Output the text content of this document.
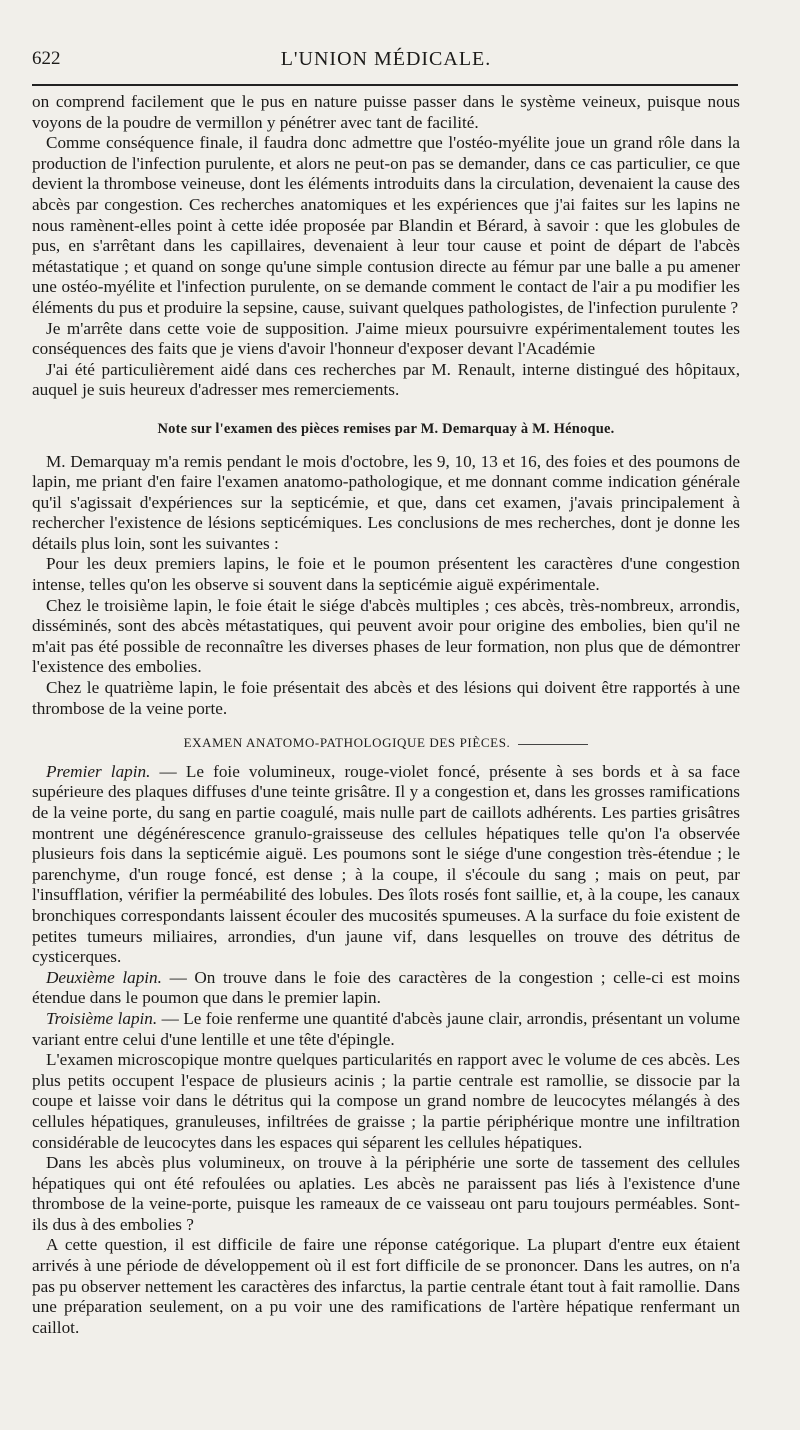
622	L'UNION MÉDICALE.

on comprend facilement que le pus en nature puisse passer dans le système veineux, puisque nous voyons de la poudre de vermillon y pénétrer avec tant de facilité.

Comme conséquence finale, il faudra donc admettre que l'ostéo-myélite joue un grand rôle dans la production de l'infection purulente, et alors ne peut-on pas se demander, dans ce cas particulier, ce que devient la thrombose veineuse, dont les éléments introduits dans la circulation, devenaient la cause des abcès par congestion. Ces recherches anatomiques et les expériences que j'ai faites sur les lapins ne nous ramènent-elles point à cette idée proposée par Blandin et Bérard, à savoir : que les globules de pus, en s'arrêtant dans les capillaires, devenaient à leur tour cause et point de départ de l'abcès métastatique ; et quand on songe qu'une simple contusion directe au fémur par une balle a pu amener une ostéo-myélite et l'infection purulente, on se demande comment le contact de l'air a pu modifier les éléments du pus et produire la sepsine, cause, suivant quelques pathologistes, de l'infection purulente ?

Je m'arrête dans cette voie de supposition. J'aime mieux poursuivre expérimentalement toutes les conséquences des faits que je viens d'avoir l'honneur d'exposer devant l'Académie

J'ai été particulièrement aidé dans ces recherches par M. Renault, interne distingué des hôpitaux, auquel je suis heureux d'adresser mes remerciements.

Note sur l'examen des pièces remises par M. Demarquay à M. Hénoque.

M. Demarquay m'a remis pendant le mois d'octobre, les 9, 10, 13 et 16, des foies et des poumons de lapin, me priant d'en faire l'examen anatomo-pathologique, et me donnant comme indication générale qu'il s'agissait d'expériences sur la septicémie, et que, dans cet examen, j'avais principalement à rechercher l'existence de lésions septicémiques. Les conclusions de mes recherches, dont je donne les détails plus loin, sont les suivantes :

Pour les deux premiers lapins, le foie et le poumon présentent les caractères d'une congestion intense, telles qu'on les observe si souvent dans la septicémie aiguë expérimentale.

Chez le troisième lapin, le foie était le siége d'abcès multiples ; ces abcès, très-nombreux, arrondis, disséminés, sont des abcès métastatiques, qui peuvent avoir pour origine des embolies, bien qu'il ne m'ait pas été possible de reconnaître les diverses phases de leur formation, non plus que de démontrer l'existence des embolies.

Chez le quatrième lapin, le foie présentait des abcès et des lésions qui doivent être rapportés à une thrombose de la veine porte.

EXAMEN ANATOMO-PATHOLOGIQUE DES PIÈCES.

Premier lapin. — Le foie volumineux, rouge-violet foncé, présente à ses bords et à sa face supérieure des plaques diffuses d'une teinte grisâtre. Il y a congestion et, dans les grosses ramifications de la veine porte, du sang en partie coagulé, mais nulle part de caillots adhérents. Les parties grisâtres montrent une dégénérescence granulo-graisseuse des cellules hépatiques telle qu'on l'a observée plusieurs fois dans la septicémie aiguë. Les poumons sont le siége d'une congestion très-étendue ; le parenchyme, d'un rouge foncé, est dense ; à la coupe, il s'écoule du sang ; mais on peut, par l'insufflation, vérifier la perméabilité des lobules. Des îlots rosés font saillie, et, à la coupe, les canaux bronchiques correspondants laissent écouler des mucosités spumeuses. A la surface du foie existent de petites tumeurs miliaires, arrondies, d'un jaune vif, dans lesquelles on trouve des détritus de cysticerques.

Deuxième lapin. — On trouve dans le foie des caractères de la congestion ; celle-ci est moins étendue dans le poumon que dans le premier lapin.

Troisième lapin. — Le foie renferme une quantité d'abcès jaune clair, arrondis, présentant un volume variant entre celui d'une lentille et une tête d'épingle.

L'examen microscopique montre quelques particularités en rapport avec le volume de ces abcès. Les plus petits occupent l'espace de plusieurs acinis ; la partie centrale est ramollie, se dissocie par la coupe et laisse voir dans le détritus qui la compose un grand nombre de leucocytes mélangés à des cellules hépatiques, granuleuses, infiltrées de graisse ; la partie périphérique montre une infiltration considérable de leucocytes dans les espaces qui séparent les cellules hépatiques.

Dans les abcès plus volumineux, on trouve à la périphérie une sorte de tassement des cellules hépatiques qui ont été refoulées ou aplaties. Les abcès ne paraissent pas liés à l'existence d'une thrombose de la veine-porte, puisque les rameaux de ce vaisseau ont paru toujours perméables. Sont-ils dus à des embolies ?

A cette question, il est difficile de faire une réponse catégorique. La plupart d'entre eux étaient arrivés à une période de développement où il est fort difficile de se prononcer. Dans les autres, on n'a pas pu observer nettement les caractères des infarctus, la partie centrale étant tout à fait ramollie. Dans une préparation seulement, on a pu voir une des ramifications de l'artère hépatique renfermant un caillot.
